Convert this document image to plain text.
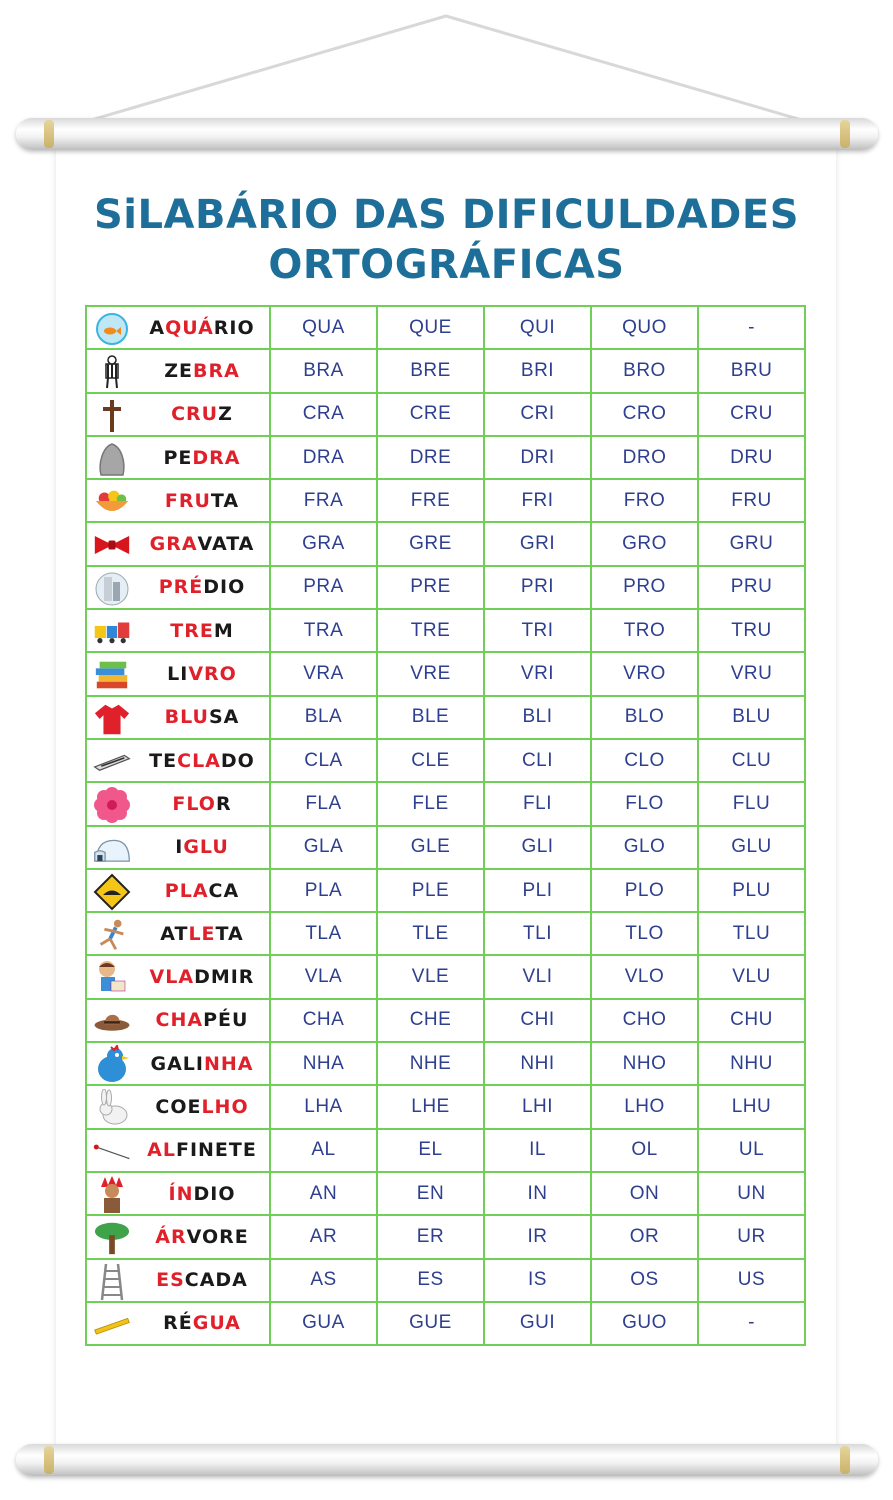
SiLABÁRIO DAS DIFICULDADES
ORTOGRÁFICAS
A QUÁ RIO	QUA	QUE	QUI	QUO	-

ZE BRA	BRA	BRE	BRI	BRO	BRU

CRU Z	CRA	CRE	CRI	CRO	CRU

PE DRA	DRA	DRE	DRI	DRO	DRU

FRU TA	FRA	FRE	FRI	FRO	FRU

GRA VATA	GRA	GRE	GRI	GRO	GRU

PRÉ DIO	PRA	PRE	PRI	PRO	PRU

TRE M	TRA	TRE	TRI	TRO	TRU

LI VRO	VRA	VRE	VRI	VRO	VRU

BLU SA	BLA	BLE	BLI	BLO	BLU

TE CLA DO	CLA	CLE	CLI	CLO	CLU

FLO R	FLA	FLE	FLI	FLO	FLU

I GLU	GLA	GLE	GLI	GLO	GLU

PLA CA	PLA	PLE	PLI	PLO	PLU

AT LE TA	TLA	TLE	TLI	TLO	TLU

VLA DMIR	VLA	VLE	VLI	VLO	VLU

CHA PÉU	CHA	CHE	CHI	CHO	CHU

GALI NHA	NHA	NHE	NHI	NHO	NHU

COE LHO	LHA	LHE	LHI	LHO	LHU

AL FINETE	AL	EL	IL	OL	UL

ÍN DIO	AN	EN	IN	ON	UN

ÁR VORE	AR	ER	IR	OR	UR

ES CADA	AS	ES	IS	OS	US

RÉ GUA	GUA	GUE	GUI	GUO	-
